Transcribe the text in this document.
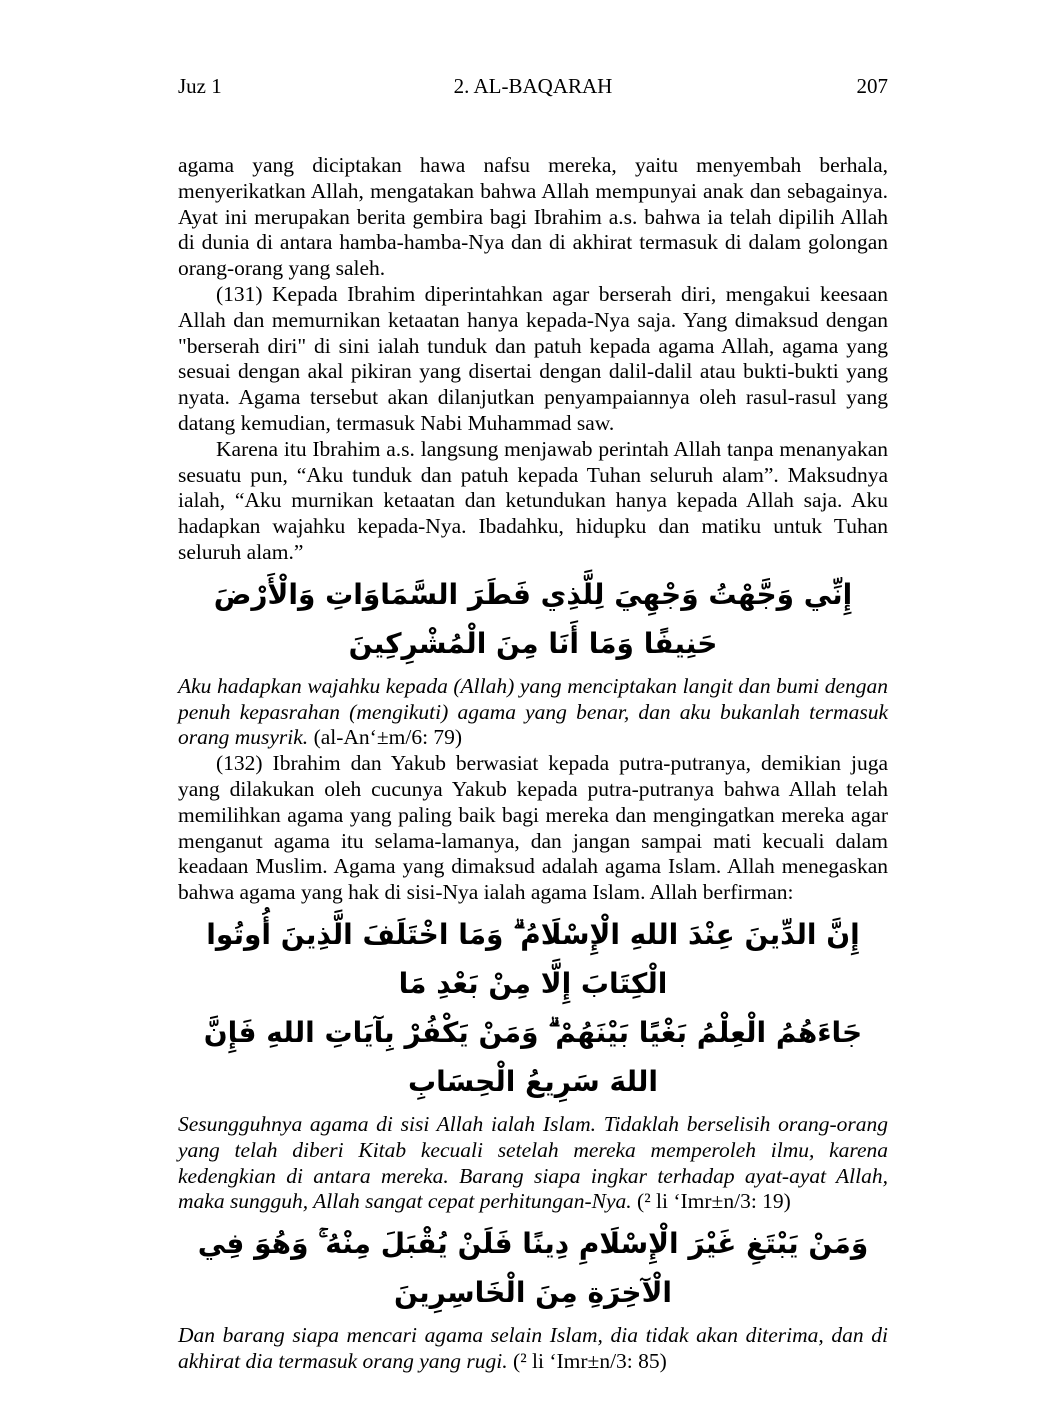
Juz 1	2. AL-BAQARAH	207

agama yang diciptakan hawa nafsu mereka, yaitu menyembah berhala, menyerikatkan Allah, mengatakan bahwa Allah mempunyai anak dan sebagainya. Ayat ini merupakan berita gembira bagi Ibrahim a.s. bahwa ia telah dipilih Allah di dunia di antara hamba-hamba-Nya dan di akhirat termasuk di dalam golongan orang-orang yang saleh.

(131) Kepada Ibrahim diperintahkan agar berserah diri, mengakui keesaan Allah dan memurnikan ketaatan hanya kepada-Nya saja. Yang dimaksud dengan "berserah diri" di sini ialah tunduk dan patuh kepada agama Allah, agama yang sesuai dengan akal pikiran yang disertai dengan dalil-dalil atau bukti-bukti yang nyata. Agama tersebut akan dilanjutkan penyampaiannya oleh rasul-rasul yang datang kemudian, termasuk Nabi Muhammad saw.

Karena itu Ibrahim a.s. langsung menjawab perintah Allah tanpa menanyakan sesuatu pun, “Aku tunduk dan patuh kepada Tuhan seluruh alam”. Maksudnya ialah, “Aku murnikan ketaatan dan ketundukan hanya kepada Allah saja. Aku hadapkan wajahku kepada-Nya. Ibadahku, hidupku dan matiku untuk Tuhan seluruh alam.”

إِنِّي وَجَّهْتُ وَجْهِيَ لِلَّذِي فَطَرَ السَّمَاوَاتِ وَالْأَرْضَ حَنِيفًا وَمَا أَنَا مِنَ الْمُشْرِكِينَ

Aku hadapkan wajahku kepada (Allah) yang menciptakan langit dan bumi dengan penuh kepasrahan (mengikuti) agama yang benar, dan aku bukanlah termasuk orang musyrik. (al-An‘±m/6: 79)

(132) Ibrahim dan Yakub berwasiat kepada putra-putranya, demikian juga yang dilakukan oleh cucunya Yakub kepada putra-putranya bahwa Allah telah memilihkan agama yang paling baik bagi mereka dan mengingatkan mereka agar menganut agama itu selama-lamanya, dan jangan sampai mati kecuali dalam keadaan Muslim. Agama yang dimaksud adalah agama Islam. Allah menegaskan bahwa agama yang hak di sisi-Nya ialah agama Islam. Allah berfirman:

إِنَّ الدِّينَ عِنْدَ اللهِ الْإِسْلَامُ ۗ وَمَا اخْتَلَفَ الَّذِينَ أُوتُوا الْكِتَابَ إِلَّا مِنْ بَعْدِ مَا
جَاءَهُمُ الْعِلْمُ بَغْيًا بَيْنَهُمْ ۗ وَمَنْ يَكْفُرْ بِآيَاتِ اللهِ فَإِنَّ اللهَ سَرِيعُ الْحِسَابِ

Sesungguhnya agama di sisi Allah ialah Islam. Tidaklah berselisih orang-orang yang telah diberi Kitab kecuali setelah mereka memperoleh ilmu, karena kedengkian di antara mereka. Barang siapa ingkar terhadap ayat-ayat Allah, maka sungguh, Allah sangat cepat perhitungan-Nya. (² li ‘Imr±n/3: 19)

وَمَنْ يَبْتَغِ غَيْرَ الْإِسْلَامِ دِينًا فَلَنْ يُقْبَلَ مِنْهُ ۚ وَهُوَ فِي الْآخِرَةِ مِنَ الْخَاسِرِينَ

Dan barang siapa mencari agama selain Islam, dia tidak akan diterima, dan di akhirat dia termasuk orang yang rugi. (² li ‘Imr±n/3: 85)
